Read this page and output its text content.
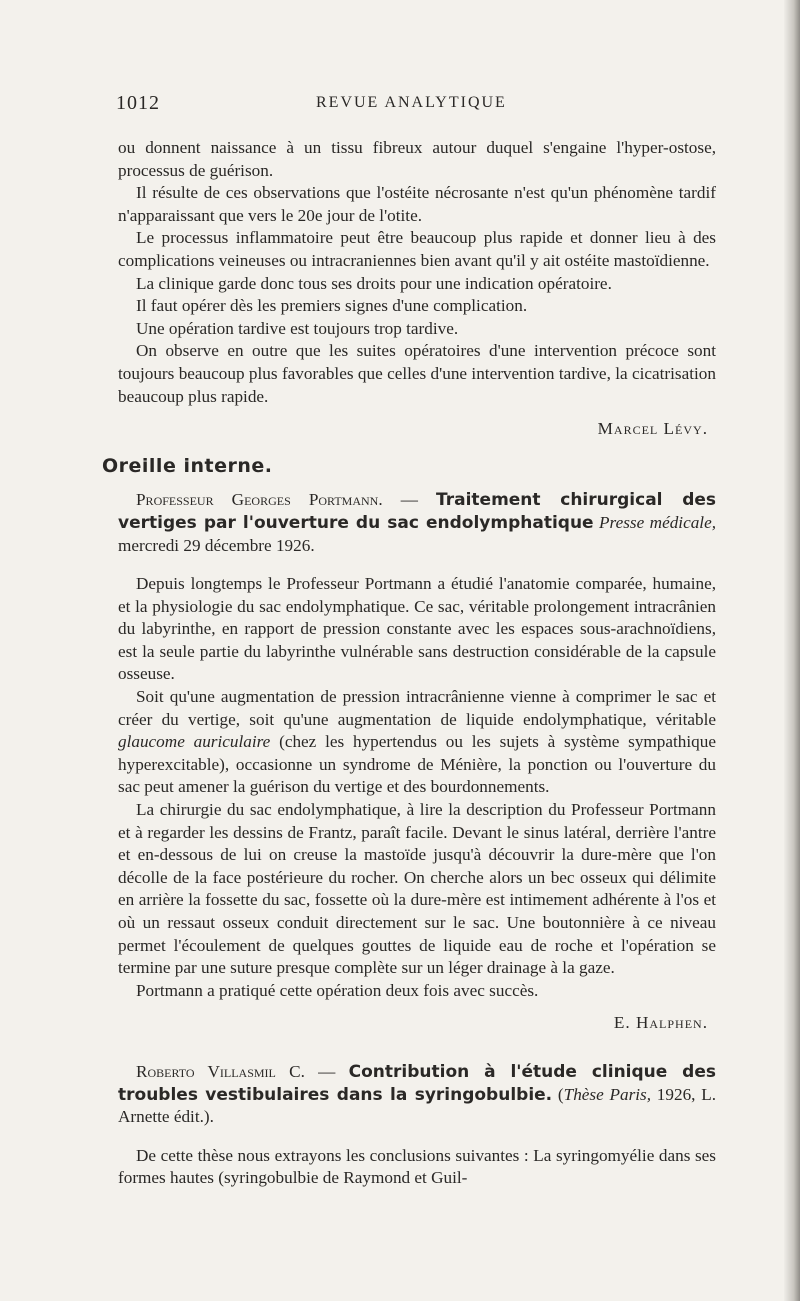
1012	REVUE ANALYTIQUE

ou donnent naissance à un tissu fibreux autour duquel s'engaine l'hyper-ostose, processus de guérison.

Il résulte de ces observations que l'ostéite nécrosante n'est qu'un phénomène tardif n'apparaissant que vers le 20e jour de l'otite.

Le processus inflammatoire peut être beaucoup plus rapide et donner lieu à des complications veineuses ou intracraniennes bien avant qu'il y ait ostéite mastoïdienne.

La clinique garde donc tous ses droits pour une indication opératoire.

Il faut opérer dès les premiers signes d'une complication.

Une opération tardive est toujours trop tardive.

On observe en outre que les suites opératoires d'une intervention précoce sont toujours beaucoup plus favorables que celles d'une intervention tardive, la cicatrisation beaucoup plus rapide.

Marcel Lévy.
Oreille interne.

Professeur Georges Portmann. — Traitement chirurgical des vertiges par l'ouverture du sac endolymphatique Presse médicale, mercredi 29 décembre 1926.

Depuis longtemps le Professeur Portmann a étudié l'anatomie comparée, humaine, et la physiologie du sac endolymphatique. Ce sac, véritable prolongement intracrânien du labyrinthe, en rapport de pression constante avec les espaces sous-arachnoïdiens, est la seule partie du labyrinthe vulnérable sans destruction considérable de la capsule osseuse.

Soit qu'une augmentation de pression intracrânienne vienne à comprimer le sac et créer du vertige, soit qu'une augmentation de liquide endolymphatique, véritable glaucome auriculaire (chez les hypertendus ou les sujets à système sympathique hyperexcitable), occasionne un syndrome de Ménière, la ponction ou l'ouverture du sac peut amener la guérison du vertige et des bourdonnements.

La chirurgie du sac endolymphatique, à lire la description du Professeur Portmann et à regarder les dessins de Frantz, paraît facile. Devant le sinus latéral, derrière l'antre et en-dessous de lui on creuse la mastoïde jusqu'à découvrir la dure-mère que l'on décolle de la face postérieure du rocher. On cherche alors un bec osseux qui délimite en arrière la fossette du sac, fossette où la dure-mère est intimement adhérente à l'os et où un ressaut osseux conduit directement sur le sac. Une boutonnière à ce niveau permet l'écoulement de quelques gouttes de liquide eau de roche et l'opération se termine par une suture presque complète sur un léger drainage à la gaze.

Portmann a pratiqué cette opération deux fois avec succès.

E. Halphen.

Roberto Villasmil C. — Contribution à l'étude clinique des troubles vestibulaires dans la syringobulbie. (Thèse Paris, 1926, L. Arnette édit.).

De cette thèse nous extrayons les conclusions suivantes : La syringomyélie dans ses formes hautes (syringobulbie de Raymond et Guil-
